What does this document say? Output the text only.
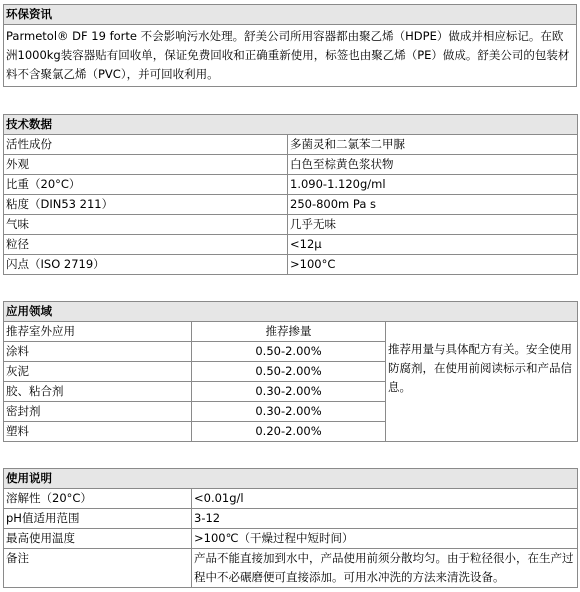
环保资讯
Parmetol® DF 19 forte 不会影响污水处理。舒美公司所用容器都由聚乙烯（HDPE）做成并相应标记。在欧洲1000kg装容器贴有回收单，保证免费回收和正确重新使用，标签也由聚乙烯（PE）做成。舒美公司的包装材料不含聚氯乙烯（PVC），并可回收利用。
技术数据	
活性成份	多菌灵和二氯苯二甲脲
外观	白色至棕黄色浆状物
比重（20°C）	1.090-1.120g/ml
粘度（DIN53 211）	250-800m Pa s
气味	几乎无味
粒径	<12μ
闪点（ISO 2719）	>100°C
应用领域		
推荐室外应用	推荐掺量	推荐用量与具体配方有关。安全使用防腐剂，在使用前阅读标示和产品信息。
涂料	0.50-2.00%	
灰泥	0.50-2.00%	
胶、粘合剂	0.30-2.00%	
密封剂	0.30-2.00%	
塑料	0.20-2.00%	
使用说明	
溶解性（20°C）	<0.01g/l
pH值适用范围	3-12
最高使用温度	>100℃（干燥过程中短时间）
备注	产品不能直接加到水中，产品使用前须分散均匀。由于粒径很小，在生产过程中不必碾磨便可直接添加。可用水冲洗的方法来清洗设备。
